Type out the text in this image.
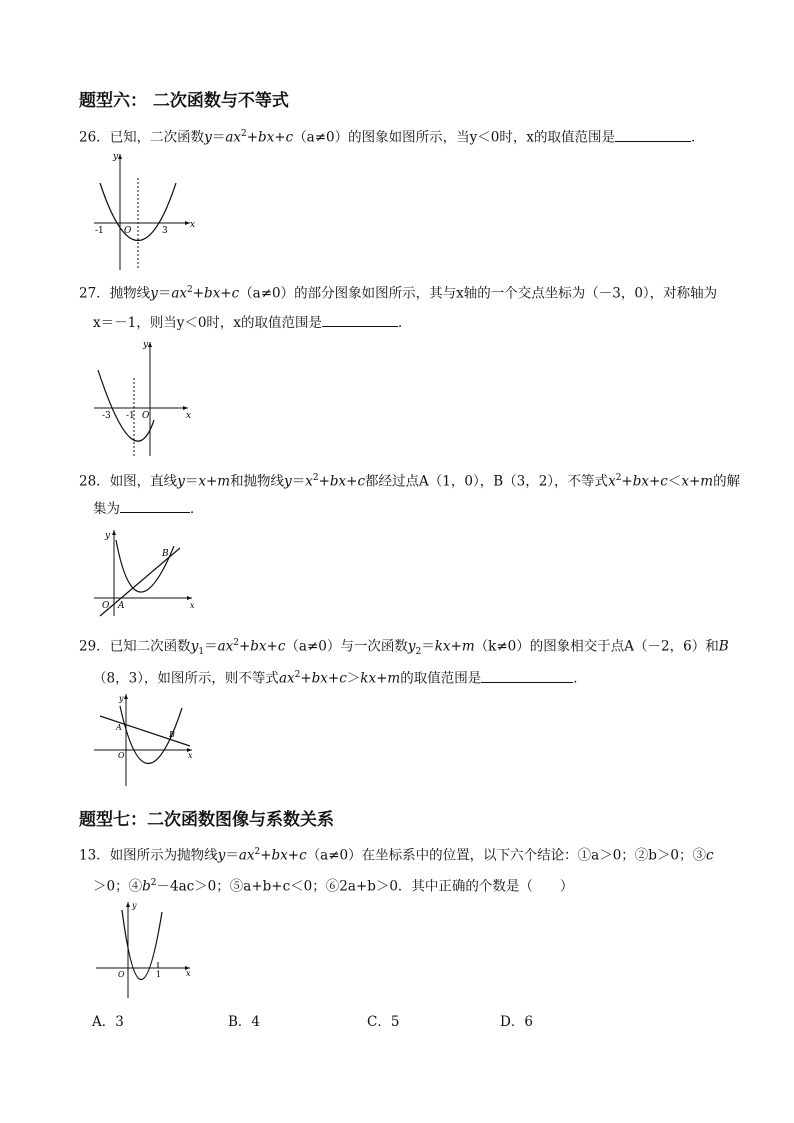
题型六： 二次函数与不等式
26．已知，二次函数$y=ax^2+bx+c(a\ne 0)$的图象如图所示，当y＜0时，x的取值范围是	．
x
y
-1 O	3
27．抛物线$y=ax^2+bx+c(a\ne 0)$的部分图象如图所示，其与x轴的一个交点坐标为（－3，0），对称轴为
x＝－1，则当y＜0时，x的取值范围是	．
x
y
-3 -1 O
28．如图，直线y＝x+m和抛物线$y=x^2+bx+c$都经过点A（1，0），B（3，2），不等式$x^2+bx+c<x+m$的解
集为	．
x
y
O A
B
29．已知二次函数$y_1=ax^2+bx+c(a\ne 0)$与一次函数$y_2=kx+m(k\ne 0)$的图象相交于点A（－2，6）和B
（8，3），如图所示，则不等式$ax^2+bx+c>kx+m$的取值范围是	．
x
y
O
A
B
题型七：二次函数图像与系数关系
13．如图所示为抛物线$y=ax^2+bx+c(a\ne 0)$在坐标系中的位置，以下六个结论：①a＞0；②b＞0；③c
＞0；$④b^2-4ac>0$；⑤a+b+c＜0；⑥2a+b＞0．其中正确的个数是（　　）
x
y
O	1
A．3	B．4	C．5	D．6
